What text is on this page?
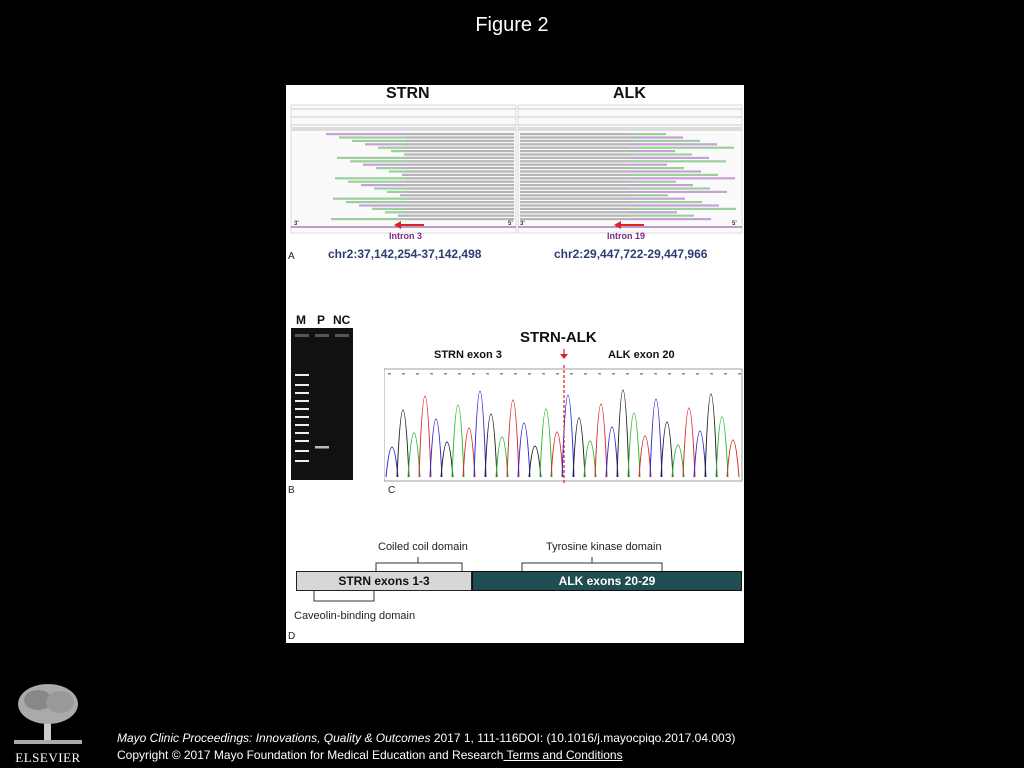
Figure 2
STRN	ALK
3'	5' 3'	5'
Intron 3	Intron 19
chr2:37,142,254-37,142,498	chr2:29,447,722-29,447,966
A
M P NC
B
STRN-ALK
STRN exon 3	ALK exon 20
C
Coiled coil domain	Tyrosine kinase domain
STRN exons 1-3	ALK exons 20-29
Caveolin-binding domain
D
ELSEVIER
Mayo Clinic Proceedings: Innovations, Quality & Outcomes 2017 1, 111-116DOI: (10.1016/j.mayocpiqo.2017.04.003)
Copyright © 2017 Mayo Foundation for Medical Education and Research Terms and Conditions
